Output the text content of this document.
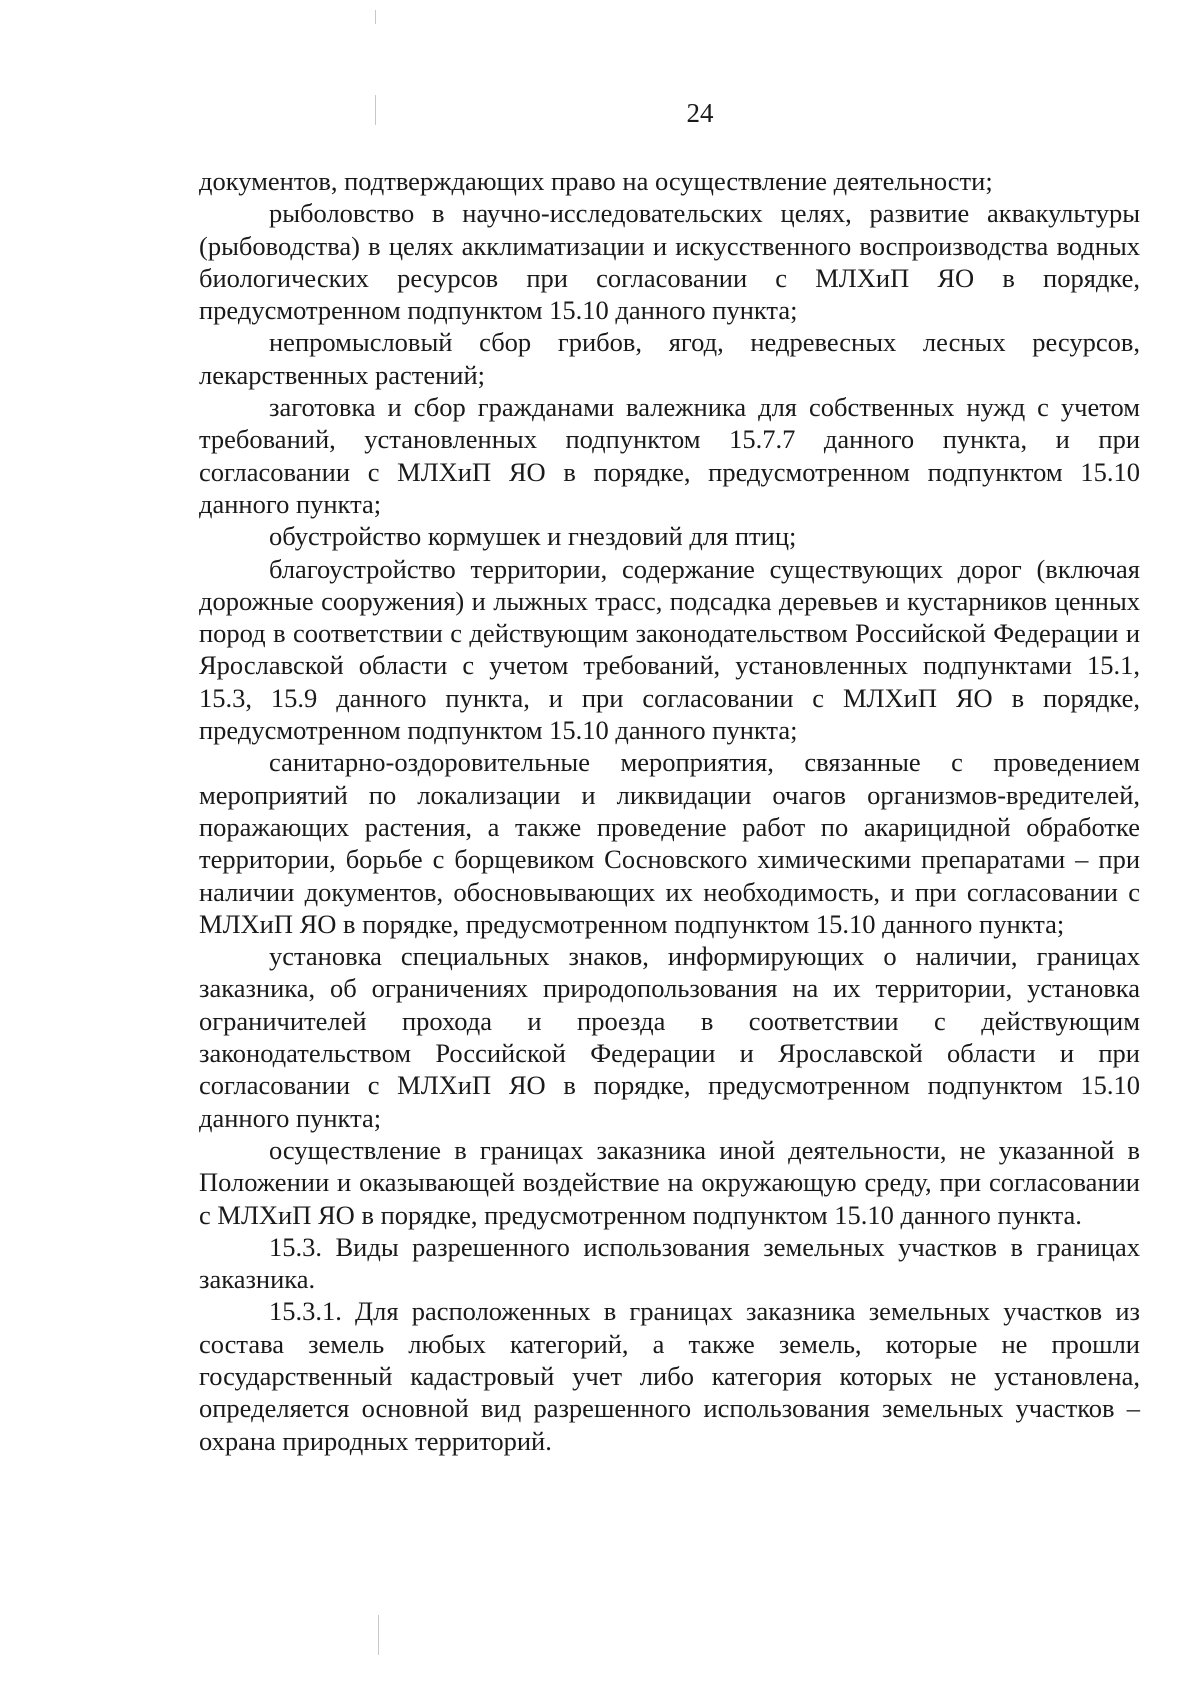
24

документов, подтверждающих право на осуществление деятельности;

рыболовство в научно-исследовательских целях, развитие аквакультуры (рыбоводства) в целях акклиматизации и искусственного воспроизводства водных биологических ресурсов при согласовании с МЛХиП ЯО в порядке, предусмотренном подпунктом 15.10 данного пункта;

непромысловый сбор грибов, ягод, недревесных лесных ресурсов, лекарственных растений;

заготовка и сбор гражданами валежника для собственных нужд с учетом требований, установленных подпунктом 15.7.7 данного пункта, и при согласовании с МЛХиП ЯО в порядке, предусмотренном подпунктом 15.10 данного пункта;

обустройство кормушек и гнездовий для птиц;

благоустройство территории, содержание существующих дорог (включая дорожные сооружения) и лыжных трасс, подсадка деревьев и кустарников ценных пород в соответствии с действующим законодательством Российской Федерации и Ярославской области с учетом требований, установленных подпунктами 15.1, 15.3, 15.9 данного пункта, и при согласовании с МЛХиП ЯО в порядке, предусмотренном подпунктом 15.10 данного пункта;

санитарно-оздоровительные мероприятия, связанные с проведением мероприятий по локализации и ликвидации очагов организмов-вредителей, поражающих растения, а также проведение работ по акарицидной обработке территории, борьбе с борщевиком Сосновского химическими препаратами – при наличии документов, обосновывающих их необходимость, и при согласовании с МЛХиП ЯО в порядке, предусмотренном подпунктом 15.10 данного пункта;

установка специальных знаков, информирующих о наличии, границах заказника, об ограничениях природопользования на их территории, установка ограничителей прохода и проезда в соответствии с действующим законодательством Российской Федерации и Ярославской области и при согласовании с МЛХиП ЯО в порядке, предусмотренном подпунктом 15.10 данного пункта;

осуществление в границах заказника иной деятельности, не указанной в Положении и оказывающей воздействие на окружающую среду, при согласовании с МЛХиП ЯО в порядке, предусмотренном подпунктом 15.10 данного пункта.

15.3. Виды разрешенного использования земельных участков в границах заказника.

15.3.1. Для расположенных в границах заказника земельных участков из состава земель любых категорий, а также земель, которые не прошли государственный кадастровый учет либо категория которых не установлена, определяется основной вид разрешенного использования земельных участков – охрана природных территорий.
